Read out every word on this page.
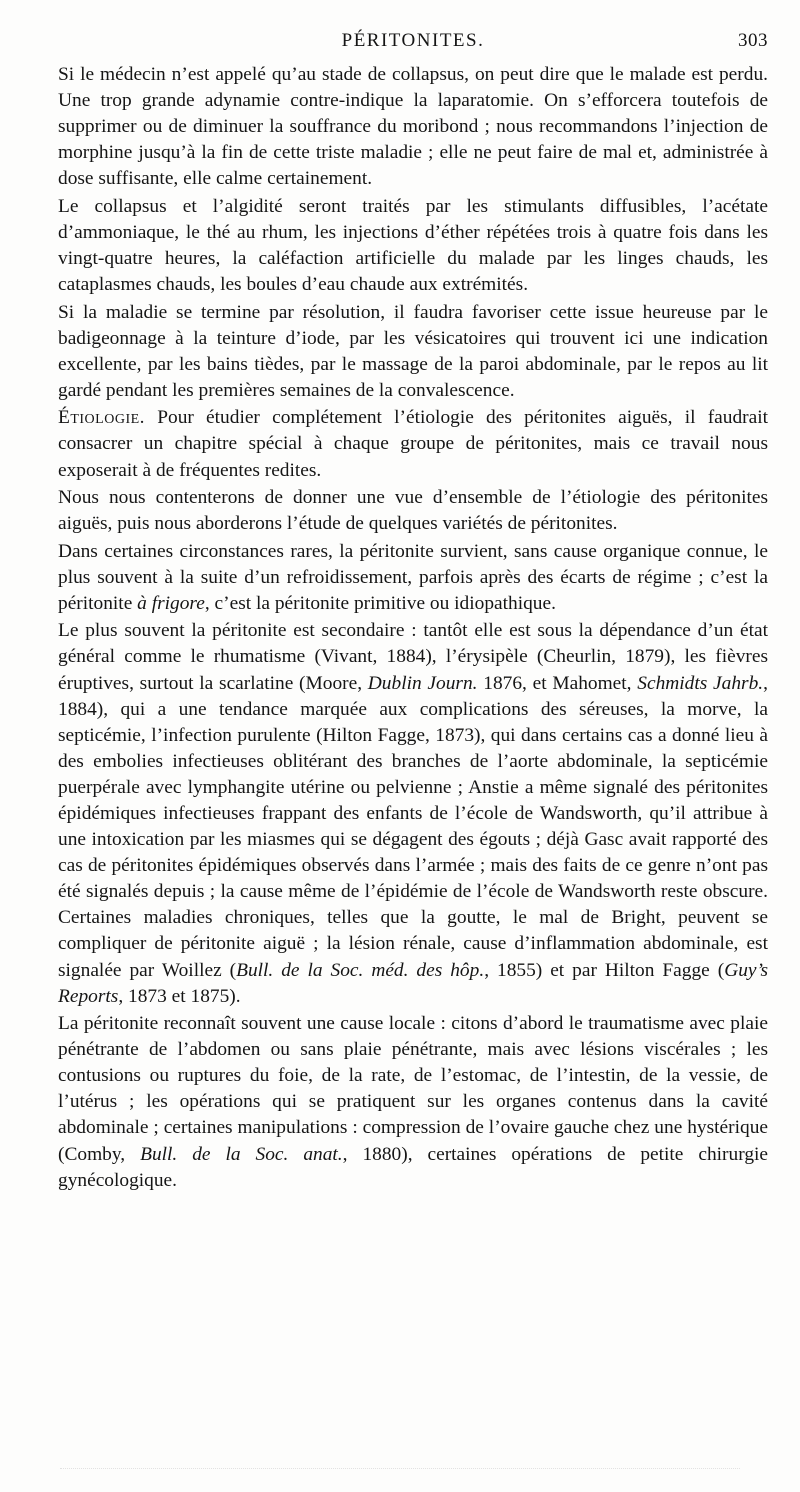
PÉRITONITES.	303

Si le médecin n’est appelé qu’au stade de collapsus, on peut dire que le malade est perdu. Une trop grande adynamie contre-indique la laparatomie. On s’efforcera toutefois de supprimer ou de diminuer la souffrance du moribond ; nous recommandons l’injection de morphine jusqu’à la fin de cette triste maladie ; elle ne peut faire de mal et, administrée à dose suffisante, elle calme certainement.

Le collapsus et l’algidité seront traités par les stimulants diffusibles, l’acétate d’ammoniaque, le thé au rhum, les injections d’éther répétées trois à quatre fois dans les vingt-quatre heures, la caléfaction artificielle du malade par les linges chauds, les cataplasmes chauds, les boules d’eau chaude aux extrémités.

Si la maladie se termine par résolution, il faudra favoriser cette issue heureuse par le badigeonnage à la teinture d’iode, par les vésicatoires qui trouvent ici une indication excellente, par les bains tièdes, par le massage de la paroi abdominale, par le repos au lit gardé pendant les premières semaines de la convalescence.

Étiologie. Pour étudier complétement l’étiologie des péritonites aiguës, il faudrait consacrer un chapitre spécial à chaque groupe de péritonites, mais ce travail nous exposerait à de fréquentes redites.

Nous nous contenterons de donner une vue d’ensemble de l’étiologie des péritonites aiguës, puis nous aborderons l’étude de quelques variétés de péritonites.

Dans certaines circonstances rares, la péritonite survient, sans cause organique connue, le plus souvent à la suite d’un refroidissement, parfois après des écarts de régime ; c’est la péritonite à frigore, c’est la péritonite primitive ou idiopathique.

Le plus souvent la péritonite est secondaire : tantôt elle est sous la dépendance d’un état général comme le rhumatisme (Vivant, 1884), l’érysipèle (Cheurlin, 1879), les fièvres éruptives, surtout la scarlatine (Moore, Dublin Journ. 1876, et Mahomet, Schmidts Jahrb., 1884), qui a une tendance marquée aux complications des séreuses, la morve, la septicémie, l’infection purulente (Hilton Fagge, 1873), qui dans certains cas a donné lieu à des embolies infectieuses oblitérant des branches de l’aorte abdominale, la septicémie puerpérale avec lymphangite utérine ou pelvienne ; Anstie a même signalé des péritonites épidémiques infectieuses frappant des enfants de l’école de Wandsworth, qu’il attribue à une intoxication par les miasmes qui se dégagent des égouts ; déjà Gasc avait rapporté des cas de péritonites épidémiques observés dans l’armée ; mais des faits de ce genre n’ont pas été signalés depuis ; la cause même de l’épidémie de l’école de Wandsworth reste obscure. Certaines maladies chroniques, telles que la goutte, le mal de Bright, peuvent se compliquer de péritonite aiguë ; la lésion rénale, cause d’inflammation abdominale, est signalée par Woillez (Bull. de la Soc. méd. des hôp., 1855) et par Hilton Fagge (Guy’s Reports, 1873 et 1875).

La péritonite reconnaît souvent une cause locale : citons d’abord le traumatisme avec plaie pénétrante de l’abdomen ou sans plaie pénétrante, mais avec lésions viscérales ; les contusions ou ruptures du foie, de la rate, de l’estomac, de l’intestin, de la vessie, de l’utérus ; les opérations qui se pratiquent sur les organes contenus dans la cavité abdominale ; certaines manipulations : compression de l’ovaire gauche chez une hystérique (Comby, Bull. de la Soc. anat., 1880), certaines opérations de petite chirurgie gynécologique.
